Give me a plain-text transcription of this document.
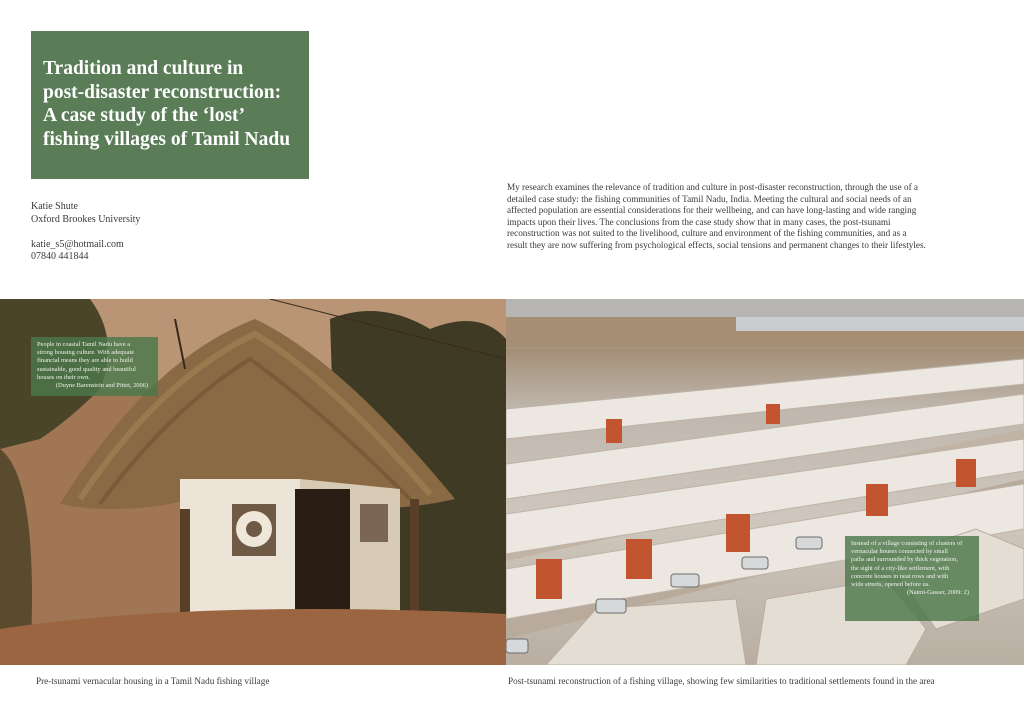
Tradition and culture in
post-disaster reconstruction:
A case study of the ‘lost’
fishing villages of Tamil Nadu
Katie Shute
Oxford Brookes University
katie_s5@hotmail.com
07840 441844
My research examines the relevance of tradition and culture in post-disaster reconstruction, through the use of a
detailed case study: the fishing communities of Tamil Nadu, India. Meeting the cultural and social needs of an
affected population are essential considerations for their wellbeing, and can have long-lasting and wide ranging
impacts upon their lives. The conclusions from the case study show that in many cases, the post-tsunami
reconstruction was not suited to the livelihood, culture and environment of the fishing communities, and as a
result they are now suffering from psychological effects, social tensions and permanent changes to their lifestyles.
People in coastal Tamil Nadu have a
strong housing culture. With adequate
financial means they are able to build
sustainable, good quality and beautiful
houses on their own.
(Duyne Barenstein and Pittet, 2006)
Instead of a village consisting of clusters of
vernacular houses connected by small
paths and surrounded by thick vegetation,
the sight of a city-like settlement, with
concrete houses in neat rows and with
wide streets, opened before us.
(Naimi-Gasser, 2009: 2)
Pre-tsunami vernacular housing in a Tamil Nadu fishing village	Post-tsunami reconstruction of a fishing village, showing few similarities to traditional settlements found in the area
